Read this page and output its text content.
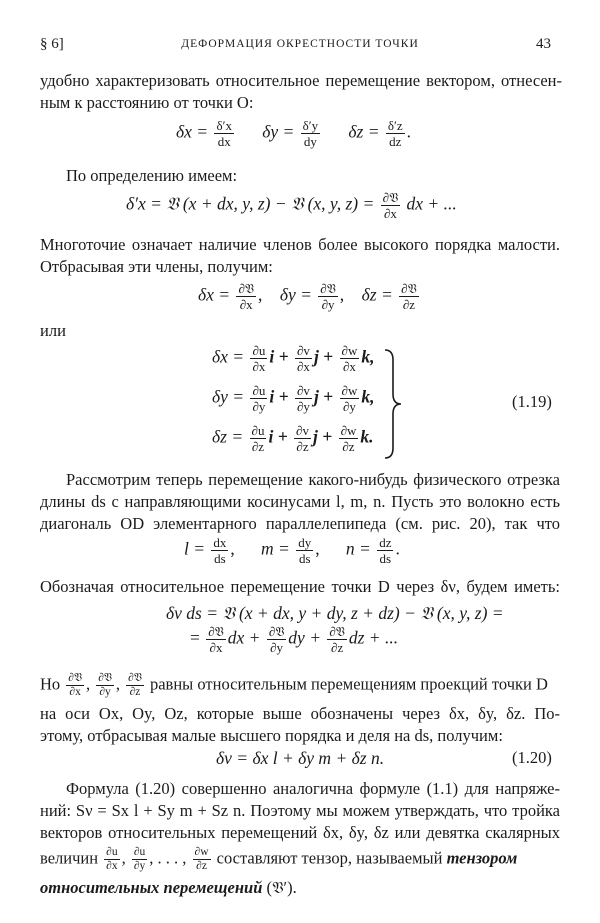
§ 6]	ДЕФОРМАЦИЯ ОКРЕСТНОСТИ ТОЧКИ	43
удобно характеризовать относительное перемещение вектором, отнесен-
ным к расстоянию от точки O:
$\delta x = \frac{\delta'x}{dx}$ $\delta y = \frac{\delta'y}{dy}$ $\delta z = \frac{\delta'z}{dz}$ .
По определению имеем:
δ′x = 𝔙 (x + dx, y, z) − 𝔙 (x, y, $z) = \frac{\text{∂𝔙}}{\partial x}$ dx + ...
Многоточие означает наличие членов более высокого порядка малости.
Отбрасывая эти члены, получим:
$\delta x = \frac{\text{∂𝔙}}{\partial x}$ , $\delta y = \frac{\text{∂𝔙}}{\partial y}$ , $\delta z = \frac{\text{∂𝔙}}{\partial z}$
или
$\delta x = \frac{\partial u}{\partial x}$ $i + \frac{\partial v}{\partial x}$ $j + \frac{\partial w}{\partial x} k$,
$\delta y = \frac{\partial u}{\partial y}$ $i + \frac{\partial v}{\partial y}$ $j + \frac{\partial w}{\partial y} k$,
$\delta z = \frac{\partial u}{\partial z}$ $i + \frac{\partial v}{\partial z}$ $j + \frac{\partial w}{\partial z} k$.
(1.19)
Рассмотрим теперь перемещение какого-нибудь физического отрезка
длины ds с направляющими косинусами l, m, n. Пусть это волокно есть
диагональ OD элементарного параллелепипеда (см. рис. 20), так что
$l = \frac{dx}{ds}$ , $m = \frac{dy}{ds}$ , $n = \frac{dz}{ds}$ .
Обозначая относительное перемещение точки D через δν, будем иметь:
δν ds = 𝔙 (x + dx, y + dy, z + dz) − 𝔙 (x, y, z) =
= $\frac{\text{∂𝔙}}{\partial x}$ dx + $\frac{\text{∂𝔙}}{\partial y}$ dy + $\frac{\text{∂𝔙}}{\partial z}$ dz + ...
Но $\frac{\text{∂𝔙}}{\partial x}$ , $\frac{\text{∂𝔙}}{\partial y}$ , $\frac{\text{∂𝔙}}{\partial z}$ равны относительным перемещениям проекций точки D
на оси Ox, Oy, Oz, которые выше обозначены через δx, δy, δz. По-
этому, отбрасывая малые высшего порядка и деля на ds, получим:
δν = δx l + δy m + δz n.	(1.20)
Формула (1.20) совершенно аналогична формуле (1.1) для напряже-
ний: Sν = Sx l + Sy m + Sz n. Поэтому мы можем утверждать, что тройка
векторов относительных перемещений δx, δy, δz или девятка скалярных
величин $\frac{\partial u}{\partial x}$ , $\frac{\partial u}{\partial y}$ , . . . , $\frac{\partial w}{\partial z}$ составляют тензор, называемый тензором
относительных перемещений (𝔙′).
